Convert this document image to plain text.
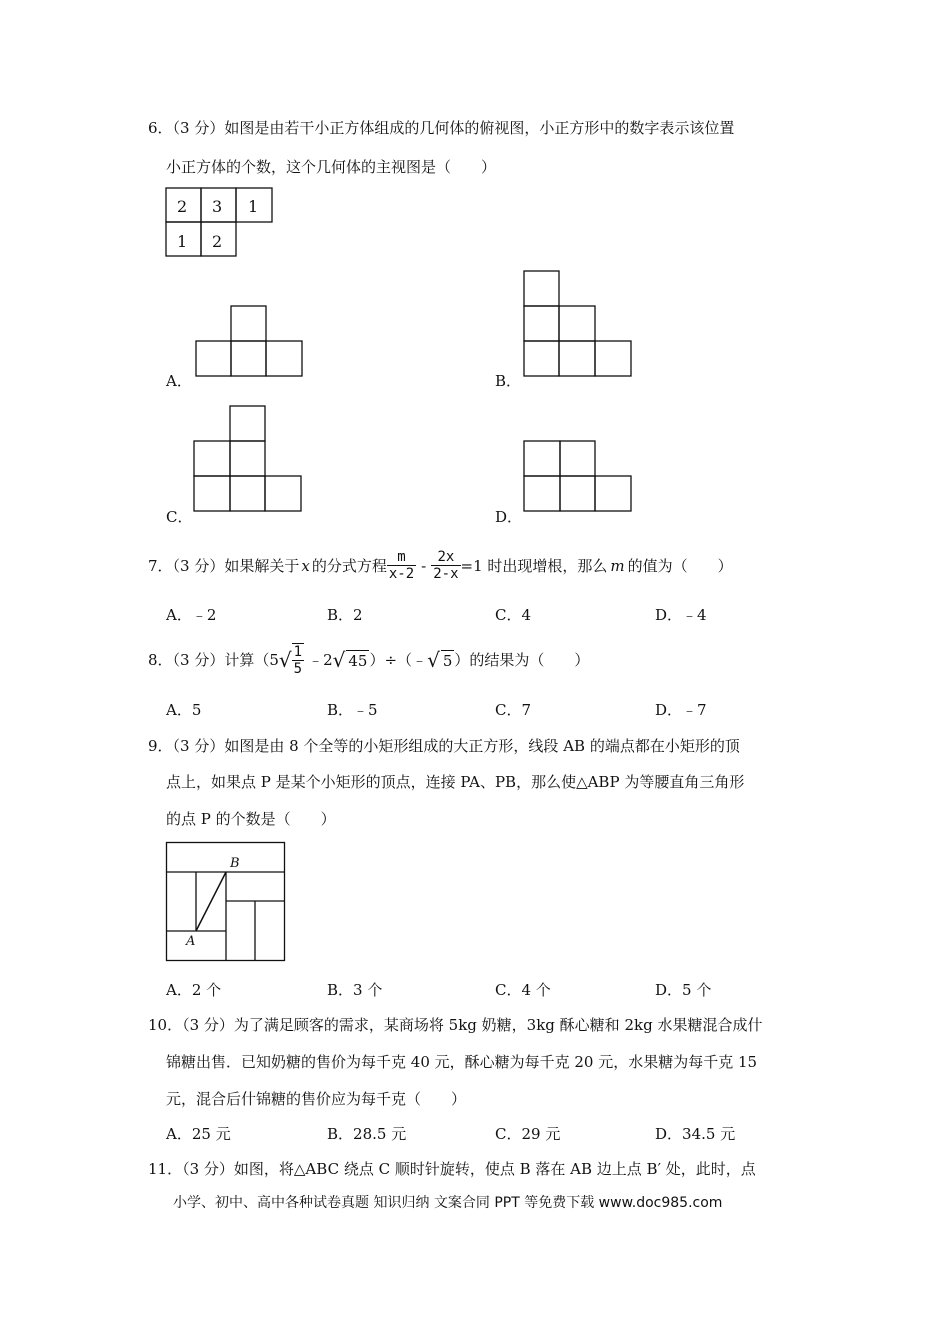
6．（3 分）如图是由若干小正方体组成的几何体的俯视图，小正方形中的数字表示该位置
小正方体的个数，这个几何体的主视图是（　　）
2 3 1
1 2
A．	B．
C．	D．
7．（3 分）如果解关于 x 的分式方程 $\frac{m}{x-2} - \frac{2x}{2-x} =1$ 时出现增根，那么 m 的值为（　　）
A．﹣2	B．2	C．4	D．﹣4
8．（3 分）计算（5 √ $\frac{1}{5}$ ﹣2 √ 45 ）÷（﹣ √ 5 ）的结果为（　　）
A．5	B．﹣5	C．7	D．﹣7
9．（3 分）如图是由 8 个全等的小矩形组成的大正方形，线段 AB 的端点都在小矩形的顶
点上，如果点 P 是某个小矩形的顶点，连接 PA、PB，那么使△ABP 为等腰直角三角形
的点 P 的个数是（　　）
B
A
A．2 个	B．3 个	C．4 个	D．5 个
10．（3 分）为了满足顾客的需求，某商场将 5kg 奶糖，3kg 酥心糖和 2kg 水果糖混合成什
锦糖出售．已知奶糖的售价为每千克 40 元，酥心糖为每千克 20 元，水果糖为每千克 15
元，混合后什锦糖的售价应为每千克（　　）
A．25 元	B．28.5 元	C．29 元	D．34.5 元
11．（3 分）如图，将△ABC 绕点 C 顺时针旋转，使点 B 落在 AB 边上点 B′ 处，此时，点
小学、初中、高中各种试卷真题 知识归纳 文案合同 PPT 等免费下载 www.doc985.com
